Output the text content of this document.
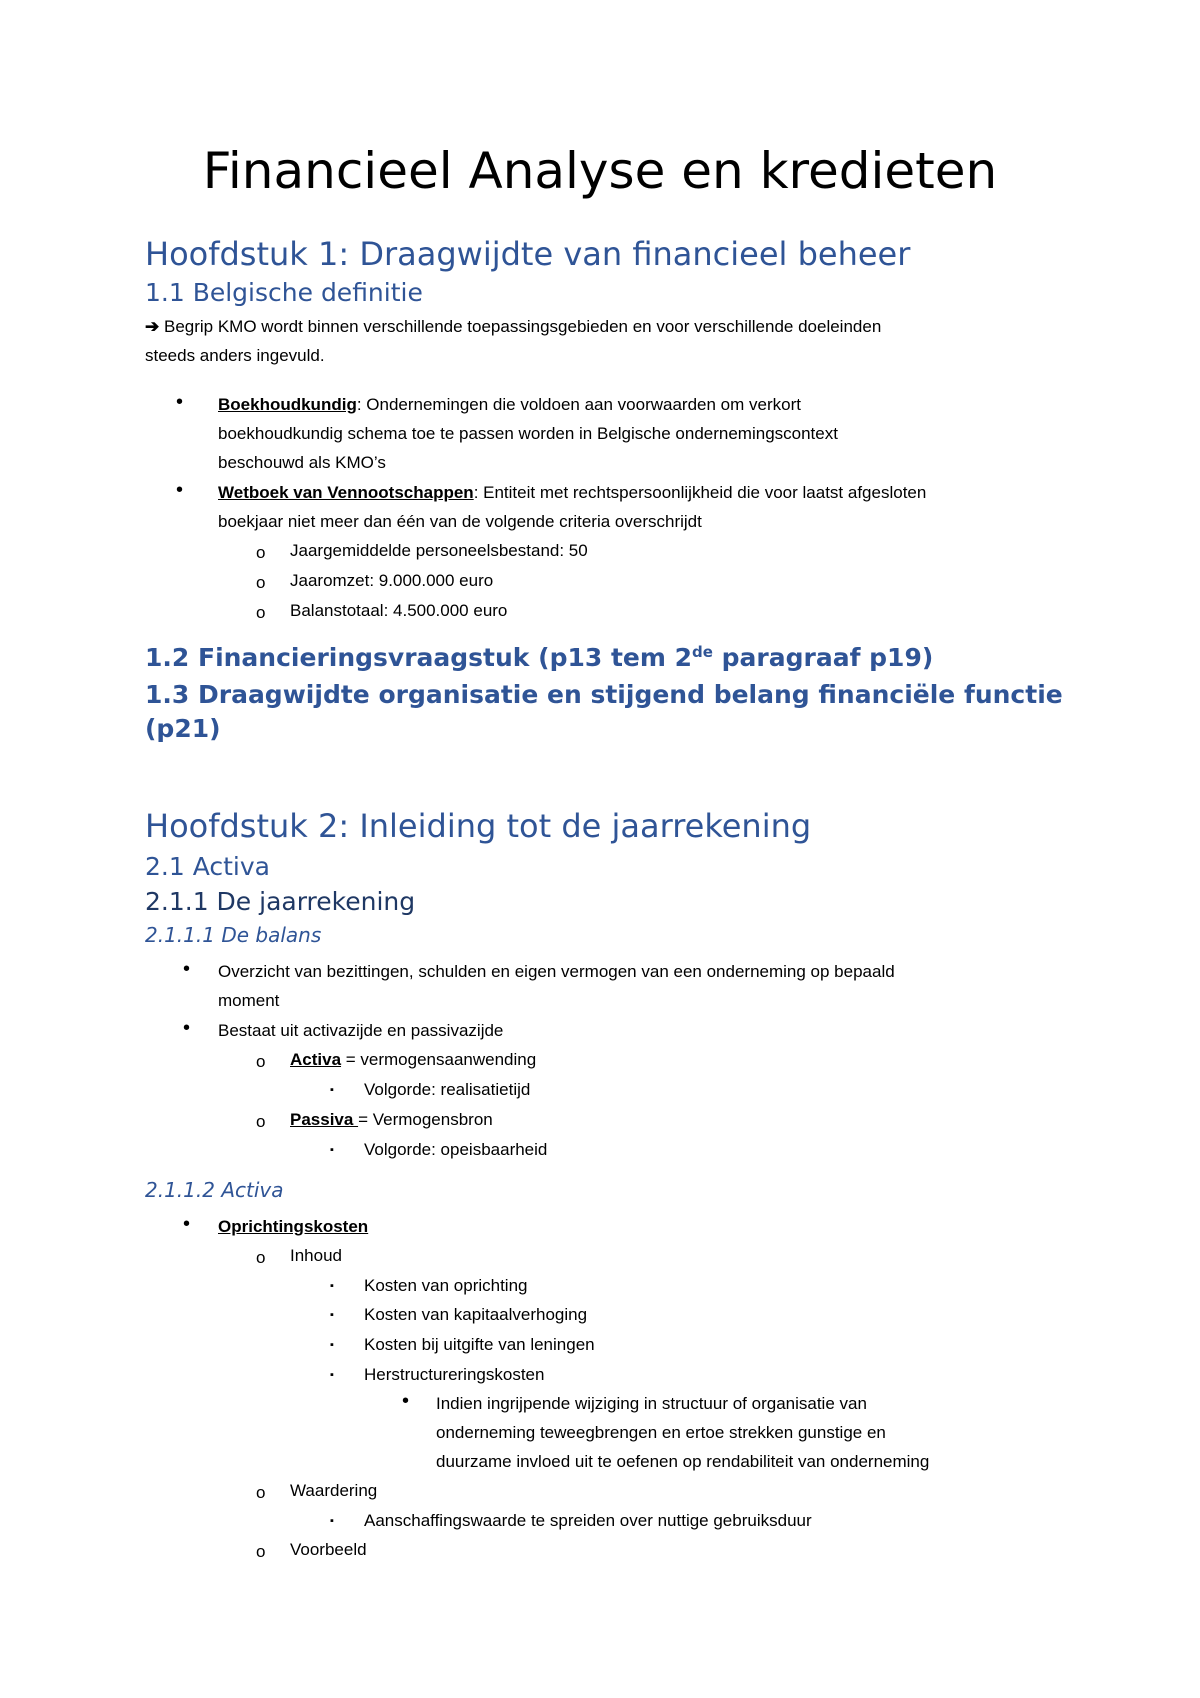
Financieel Analyse en kredieten
Hoofdstuk 1: Draagwijdte van financieel beheer
1.1 Belgische definitie
➔ Begrip KMO wordt binnen verschillende toepassingsgebieden en voor verschillende doeleinden
steeds anders ingevuld.
• Boekhoudkundig: Ondernemingen die voldoen aan voorwaarden om verkort
boekhoudkundig schema toe te passen worden in Belgische ondernemingscontext
beschouwd als KMO’s
• Wetboek van Vennootschappen: Entiteit met rechtspersoonlijkheid die voor laatst afgesloten
boekjaar niet meer dan één van de volgende criteria overschrijdt
o Jaargemiddelde personeelsbestand: 50
o Jaaromzet: 9.000.000 euro
o Balanstotaal: 4.500.000 euro
1.2 Financieringsvraagstuk (p13 tem 2de paragraaf p19)
1.3 Draagwijdte organisatie en stijgend belang financiële functie (p21)
Hoofdstuk 2: Inleiding tot de jaarrekening
2.1 Activa
2.1.1 De jaarrekening
2.1.1.1 De balans
• Overzicht van bezittingen, schulden en eigen vermogen van een onderneming op bepaald
moment
• Bestaat uit activazijde en passivazijde
o Activa = vermogensaanwending
▪ Volgorde: realisatietijd
o Passiva = Vermogensbron
▪ Volgorde: opeisbaarheid
2.1.1.2 Activa
• Oprichtingskosten
o Inhoud
▪ Kosten van oprichting
▪ Kosten van kapitaalverhoging
▪ Kosten bij uitgifte van leningen
▪ Herstructureringskosten
• Indien ingrijpende wijziging in structuur of organisatie van
onderneming teweegbrengen en ertoe strekken gunstige en
duurzame invloed uit te oefenen op rendabiliteit van onderneming
o Waardering
▪ Aanschaffingswaarde te spreiden over nuttige gebruiksduur
o Voorbeeld
